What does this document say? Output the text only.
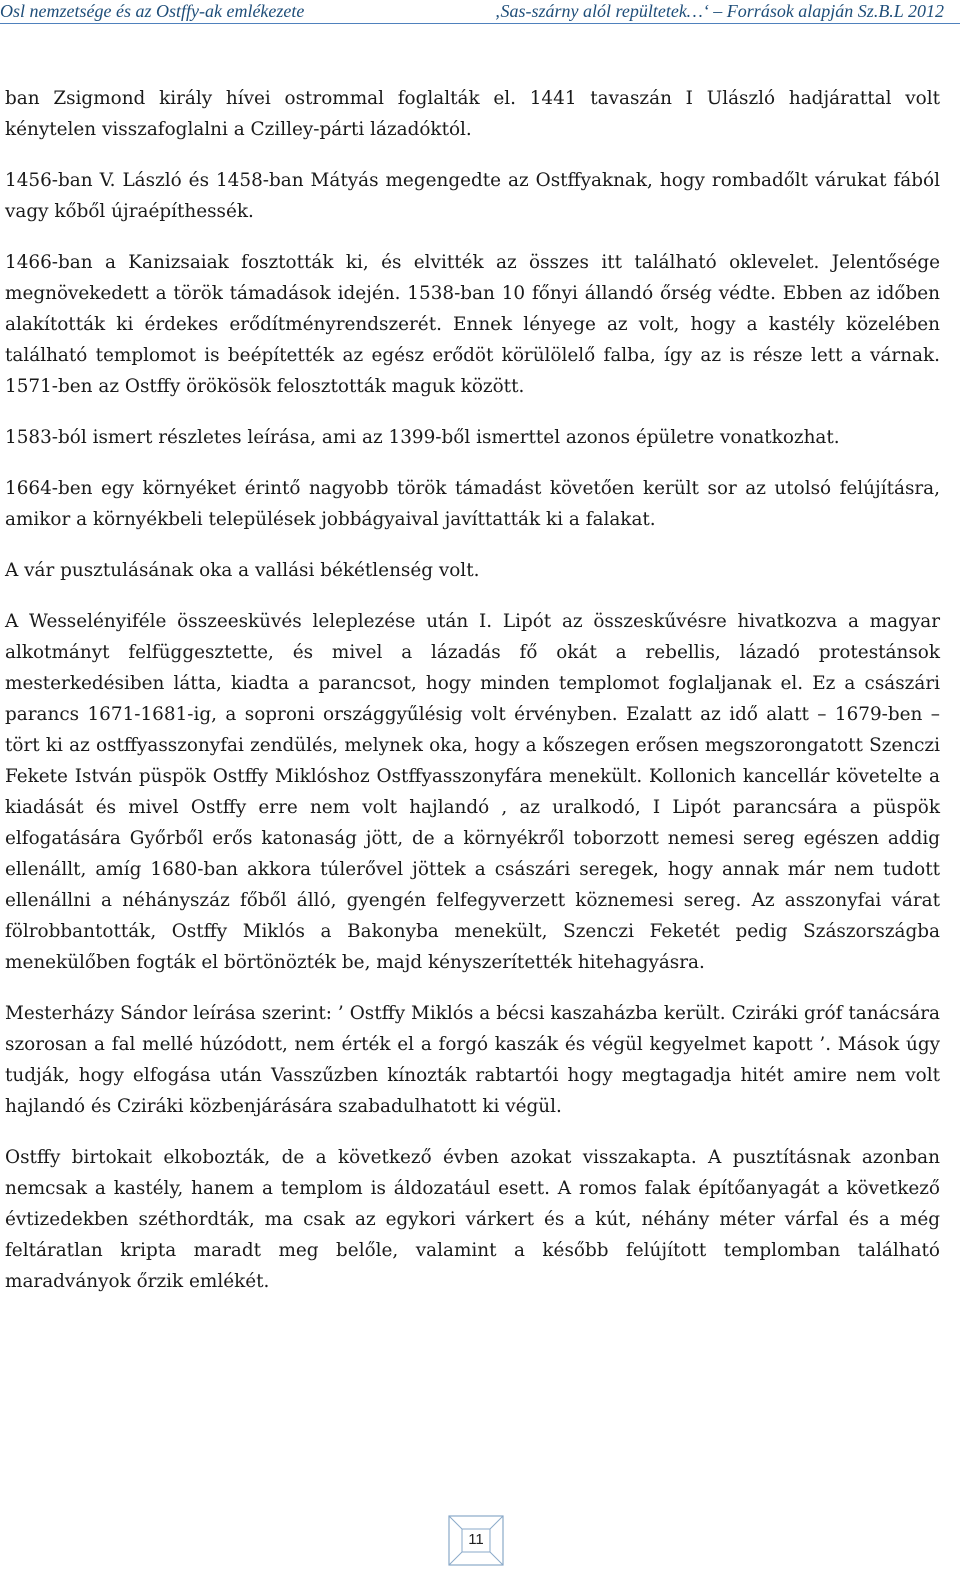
Osl nemzetsége és az Ostffy-ak emlékezete	‚Sas-szárny alól repültetek…‘ – Források alapján Sz.B.L 2012

ban Zsigmond király hívei ostrommal foglalták el. 1441 tavaszán I Ulászló hadjárattal volt kénytelen visszafoglalni a Czilley-párti lázadóktól.

1456-ban V. László és 1458-ban Mátyás megengedte az Ostffyaknak, hogy rombadőlt várukat fából vagy kőből újraépíthessék.

1466-ban a Kanizsaiak fosztották ki, és elvitték az összes itt található oklevelet. Jelentősége megnövekedett a török támadások idején. 1538-ban 10 főnyi állandó őrség védte. Ebben az időben alakították ki érdekes erődítményrendszerét. Ennek lényege az volt, hogy a kastély közelében található templomot is beépítették az egész erődöt körülölelő falba, így az is része lett a várnak. 1571-ben az Ostffy örökösök felosztották maguk között.

1583-ból ismert részletes leírása, ami az 1399-ből ismerttel azonos épületre vonatkozhat.

1664-ben egy környéket érintő nagyobb török támadást követően került sor az utolsó felújításra, amikor a környékbeli települések jobbágyaival javíttatták ki a falakat.

A vár pusztulásának oka a vallási békétlenség volt.

A Wesselényiféle összeesküvés leleplezése után I. Lipót az összeskűvésre hivatkozva a magyar alkotmányt felfüggesztette, és mivel a lázadás fő okát a rebellis, lázadó protestánsok mesterkedésiben látta, kiadta a parancsot, hogy minden templomot foglaljanak el. Ez a császári parancs 1671-1681-ig, a soproni országgyűlésig volt érvényben. Ezalatt az idő alatt – 1679-ben – tört ki az ostffyasszonyfai zendülés, melynek oka, hogy a kőszegen erősen megszorongatott Szenczi Fekete István püspök Ostffy Miklóshoz Ostffyasszonyfára menekült. Kollonich kancellár követelte a kiadását és mivel Ostffy erre nem volt hajlandó , az uralkodó, I Lipót parancsára a püspök elfogatására Győrből erős katonaság jött, de a környékről toborzott nemesi sereg egészen addig ellenállt, amíg 1680-ban akkora túlerővel jöttek a császári seregek, hogy annak már nem tudott ellenállni a néhányszáz főből álló, gyengén felfegyverzett köznemesi sereg. Az asszonyfai várat fölrobbantották, Ostffy Miklós a Bakonyba menekült, Szenczi Feketét pedig Szászországba menekülőben fogták el börtönözték be, majd kényszerítették hitehagyásra.

Mesterházy Sándor leírása szerint: ’ Ostffy Miklós a bécsi kaszaházba került. Cziráki gróf tanácsára szorosan a fal mellé húzódott, nem érték el a forgó kaszák és végül kegyelmet kapott ’. Mások úgy tudják, hogy elfogása után Vasszűzben kínozták rabtartói hogy megtagadja hitét amire nem volt hajlandó és Cziráki közbenjárására szabadulhatott ki végül.

Ostffy birtokait elkobozták, de a következő évben azokat visszakapta. A pusztításnak azonban nemcsak a kastély, hanem a templom is áldozatául esett. A romos falak építőanyagát a következő évtizedekben széthordták, ma csak az egykori várkert és a kút, néhány méter várfal és a még feltáratlan kripta maradt meg belőle, valamint a később felújított templomban található maradványok őrzik emlékét.

11
